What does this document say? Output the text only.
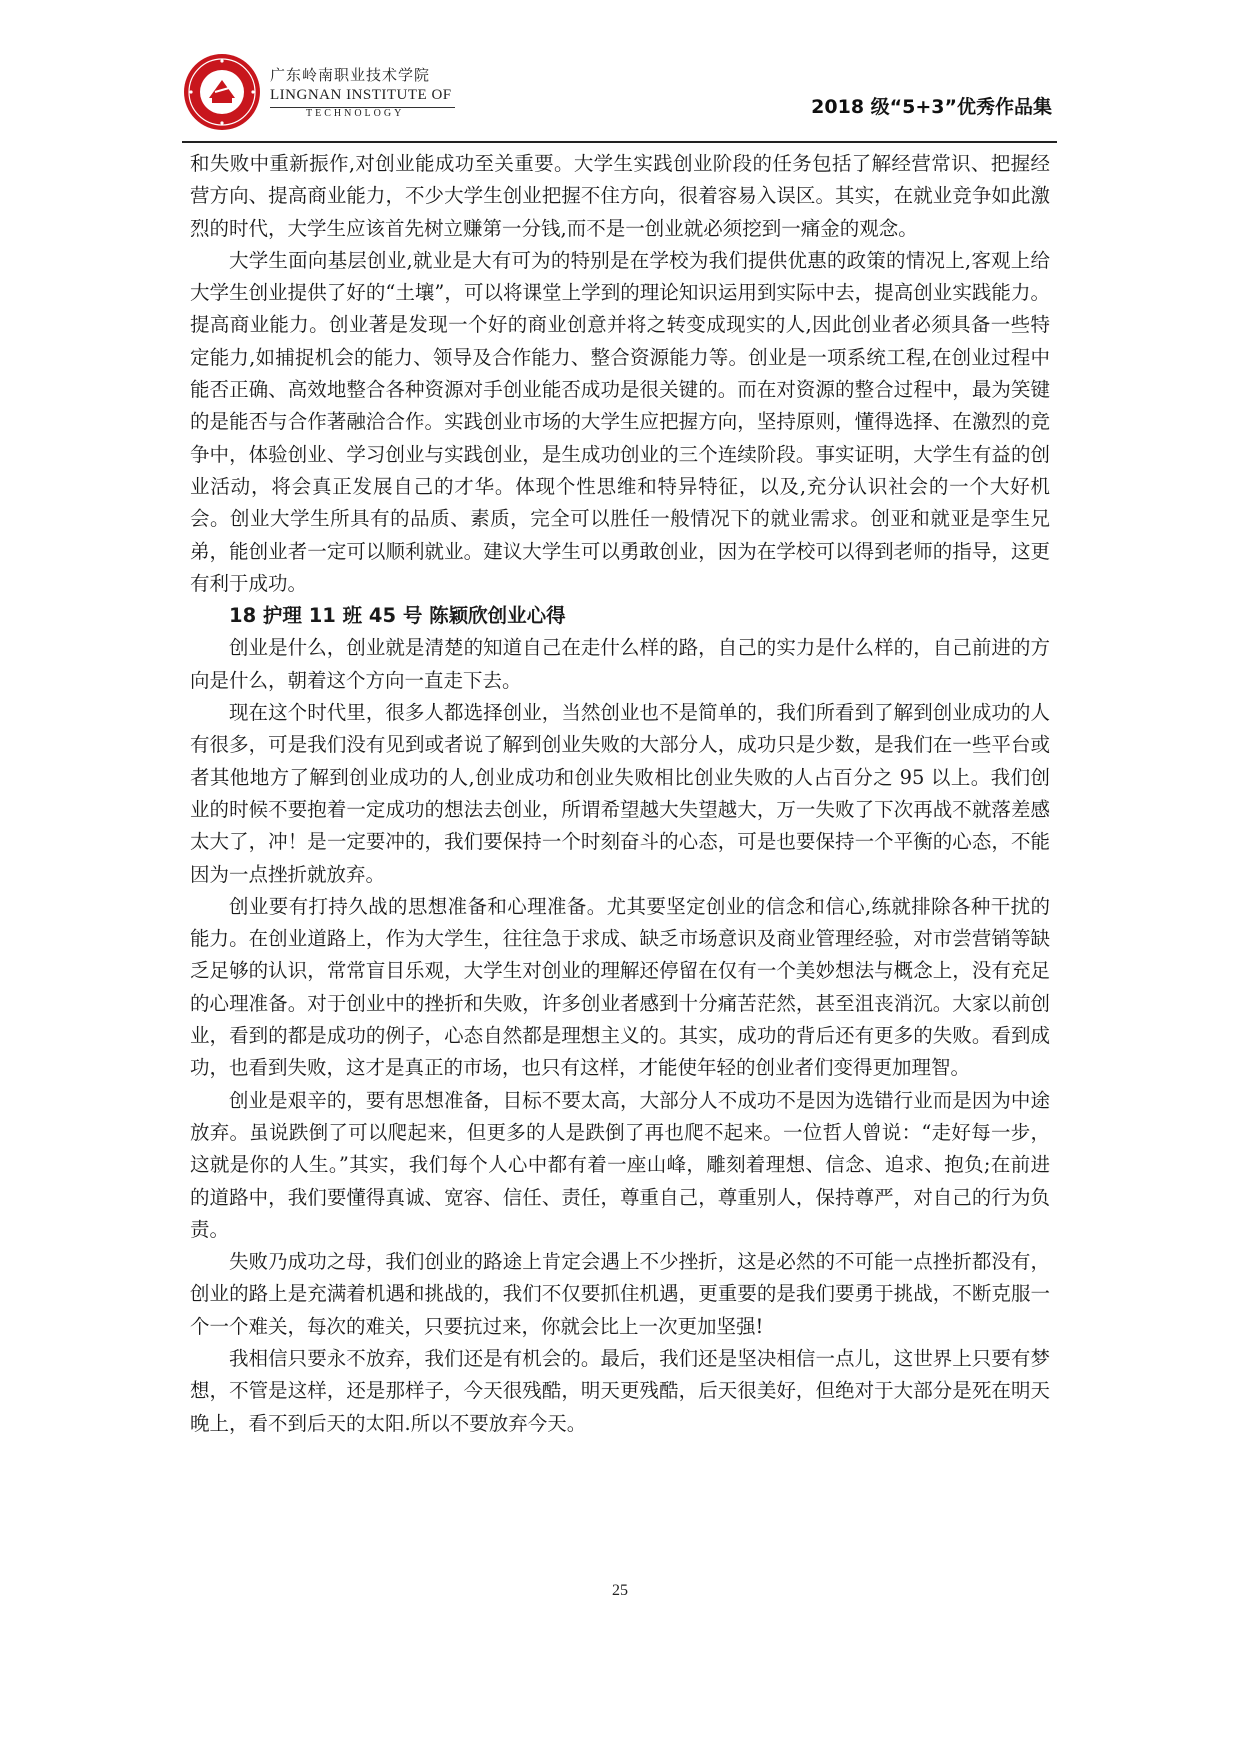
广东岭南职业技术学院
LINGNAN INSTITUTE OF
TECHNOLOGY	2018 级“5+3”优秀作品集

和失败中重新振作,对创业能成功至关重要。大学生实践创业阶段的任务包括了解经营常识、把握经营方向、提高商业能力，不少大学生创业把握不住方向，很着容易入误区。其实，在就业竞争如此激烈的时代，大学生应该首先树立赚第一分钱,而不是一创业就必须挖到一痛金的观念。

大学生面向基层创业,就业是大有可为的特别是在学校为我们提供优惠的政策的情况上,客观上给大学生创业提供了好的“土壤”，可以将课堂上学到的理论知识运用到实际中去，提高创业实践能力。提高商业能力。创业著是发现一个好的商业创意并将之转变成现实的人,因此创业者必须具备一些特定能力,如捕捉机会的能力、领导及合作能力、整合资源能力等。创业是一项系统工程,在创业过程中能否正确、高效地整合各种资源对手创业能否成功是很关键的。而在对资源的整合过程中，最为笑键的是能否与合作著融洽合作。实践创业市场的大学生应把握方向，坚持原则，懂得选择、在激烈的竞争中，体验创业、学习创业与实践创业，是生成功创业的三个连续阶段。事实证明，大学生有益的创业活动，将会真正发展自己的才华。体现个性思维和特异特征，以及,充分认识社会的一个大好机会。创业大学生所具有的品质、素质，完全可以胜任一般情况下的就业需求。创亚和就亚是孪生兄弟，能创业者一定可以顺利就业。建议大学生可以勇敢创业，因为在学校可以得到老师的指导，这更有利于成功。

18 护理 11 班 45 号 陈颖欣创业心得

创业是什么，创业就是清楚的知道自己在走什么样的路，自己的实力是什么样的，自己前进的方向是什么，朝着这个方向一直走下去。

现在这个时代里，很多人都选择创业，当然创业也不是简单的，我们所看到了解到创业成功的人有很多，可是我们没有见到或者说了解到创业失败的大部分人，成功只是少数，是我们在一些平台或者其他地方了解到创业成功的人,创业成功和创业失败相比创业失败的人占百分之 95 以上。我们创业的时候不要抱着一定成功的想法去创业，所谓希望越大失望越大，万一失败了下次再战不就落差感太大了，冲！是一定要冲的，我们要保持一个时刻奋斗的心态，可是也要保持一个平衡的心态，不能因为一点挫折就放弃。

创业要有打持久战的思想准备和心理准备。尤其要坚定创业的信念和信心,练就排除各种干扰的能力。在创业道路上，作为大学生，往往急于求成、缺乏市场意识及商业管理经验，对市尝营销等缺乏足够的认识，常常盲目乐观，大学生对创业的理解还停留在仅有一个美妙想法与概念上，没有充足的心理准备。对于创业中的挫折和失败，许多创业者感到十分痛苦茫然，甚至沮丧消沉。大家以前创业，看到的都是成功的例子，心态自然都是理想主义的。其实，成功的背后还有更多的失败。看到成功，也看到失败，这才是真正的市场，也只有这样，才能使年轻的创业者们变得更加理智。

创业是艰辛的，要有思想准备，目标不要太高，大部分人不成功不是因为选错行业而是因为中途放弃。虽说跌倒了可以爬起来，但更多的人是跌倒了再也爬不起来。一位哲人曾说：“走好每一步，这就是你的人生。”其实，我们每个人心中都有着一座山峰，雕刻着理想、信念、追求、抱负;在前进的道路中，我们要懂得真诚、宽容、信任、责任，尊重自己，尊重别人，保持尊严，对自己的行为负责。

失败乃成功之母，我们创业的路途上肯定会遇上不少挫折，这是必然的不可能一点挫折都没有，创业的路上是充满着机遇和挑战的，我们不仅要抓住机遇，更重要的是我们要勇于挑战，不断克服一个一个难关，每次的难关，只要抗过来，你就会比上一次更加坚强!

我相信只要永不放弃，我们还是有机会的。最后，我们还是坚决相信一点儿，这世界上只要有梦想，不管是这样，还是那样子，今天很残酷，明天更残酷，后天很美好，但绝对于大部分是死在明天晚上，看不到后天的太阳.所以不要放弃今天。

25
